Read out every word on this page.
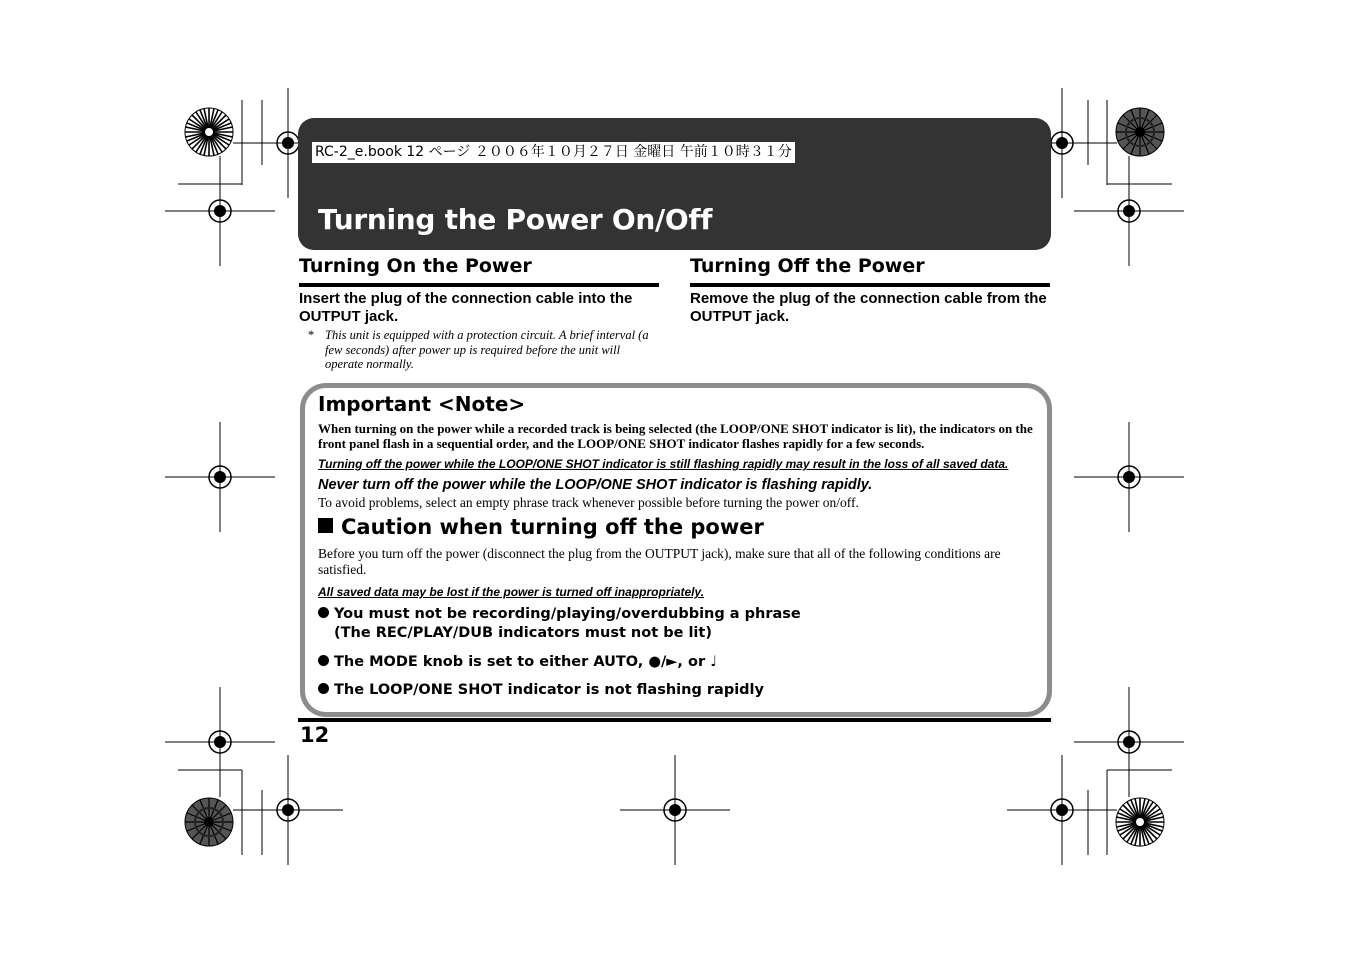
RC-2_e.book 12 ページ ２００６年１０月２７日 金曜日 午前１０時３１分
Turning the Power On/Off
Turning On the Power
Insert the plug of the connection cable into the OUTPUT jack.
* This unit is equipped with a protection circuit. A brief interval (a few seconds) after power up is required before the unit will operate normally.
Turning Off the Power
Remove the plug of the connection cable from the OUTPUT jack.
Important <Note>
When turning on the power while a recorded track is being selected (the LOOP/ONE SHOT indicator is lit), the indicators on the front panel flash in a sequential order, and the LOOP/ONE SHOT indicator flashes rapidly for a few seconds.
Turning off the power while the LOOP/ONE SHOT indicator is still flashing rapidly may result in the loss of all saved data.
Never turn off the power while the LOOP/ONE SHOT indicator is flashing rapidly.
To avoid problems, select an empty phrase track whenever possible before turning the power on/off.
Caution when turning off the power
Before you turn off the power (disconnect the plug from the OUTPUT jack), make sure that all of the following conditions are satisfied.
All saved data may be lost if the power is turned off inappropriately.
You must not be recording/playing/overdubbing a phrase
(The REC/PLAY/DUB indicators must not be lit)
The MODE knob is set to either AUTO, ●/►, or ♩
The LOOP/ONE SHOT indicator is not flashing rapidly
12
